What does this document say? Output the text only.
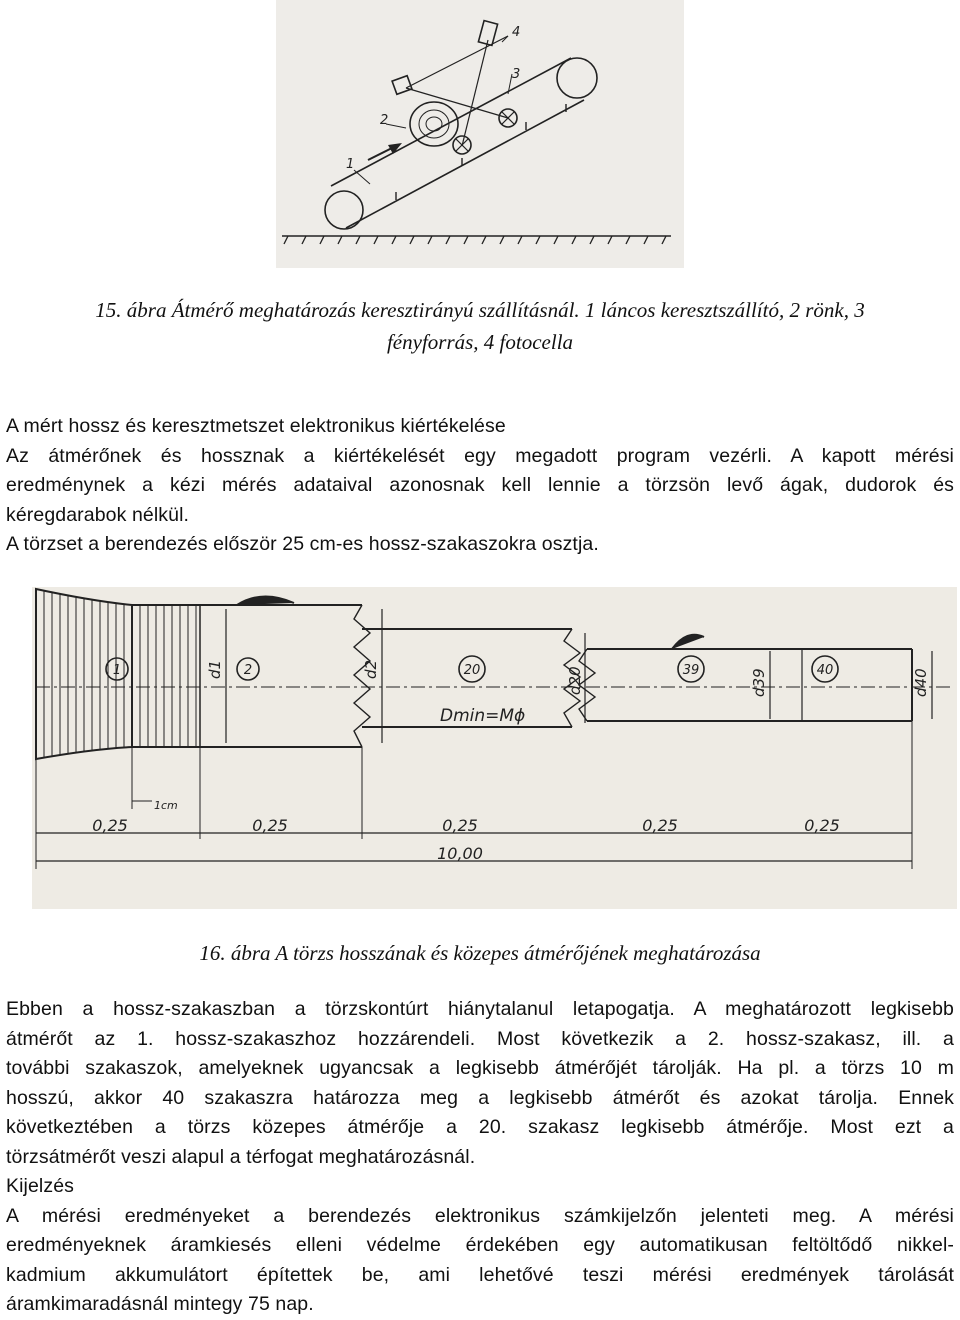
1
2
3
4
15. ábra Átmérő meghatározás keresztirányú szállításnál. 1 láncos keresztszállító, 2 rönk, 3
fényforrás, 4 fotocella
A mért hossz és keresztmetszet elektronikus kiértékelése
Az átmérőnek és hossznak a kiértékelését egy megadott program vezérli. A kapott mérési
eredménynek a kézi mérés adataival azonosnak kell lennie a törzsön levő ágak, dudorok és
kéregdarabok nélkül.
A törzset a berendezés először 25 cm-es hossz-szakaszokra osztja.
1	2	20	39	40
d1	d2	d20	d39	d40
Dmin=Mϕ
1cm
0,25	0,25	0,25	0,25	0,25
10,00
16. ábra A törzs hosszának és közepes átmérőjének meghatározása
Ebben a hossz-szakaszban a törzskontúrt hiánytalanul letapogatja. A meghatározott legkisebb
átmérőt az 1. hossz-szakaszhoz hozzárendeli. Most következik a 2. hossz-szakasz, ill. a
további szakaszok, amelyeknek ugyancsak a legkisebb átmérőjét tárolják. Ha pl. a törzs 10 m
hosszú, akkor 40 szakaszra határozza meg a legkisebb átmérőt és azokat tárolja. Ennek
következtében a törzs közepes átmérője a 20. szakasz legkisebb átmérője. Most ezt a
törzsátmérőt veszi alapul a térfogat meghatározásnál.
Kijelzés
A mérési eredményeket a berendezés elektronikus számkijelzőn jelenteti meg. A mérési
eredményeknek áramkiesés elleni védelme érdekében egy automatikusan feltöltődő nikkel-
kadmium akkumulátort építettek be, ami lehetővé teszi mérési eredmények tárolását
áramkimaradásnál mintegy 75 nap.
